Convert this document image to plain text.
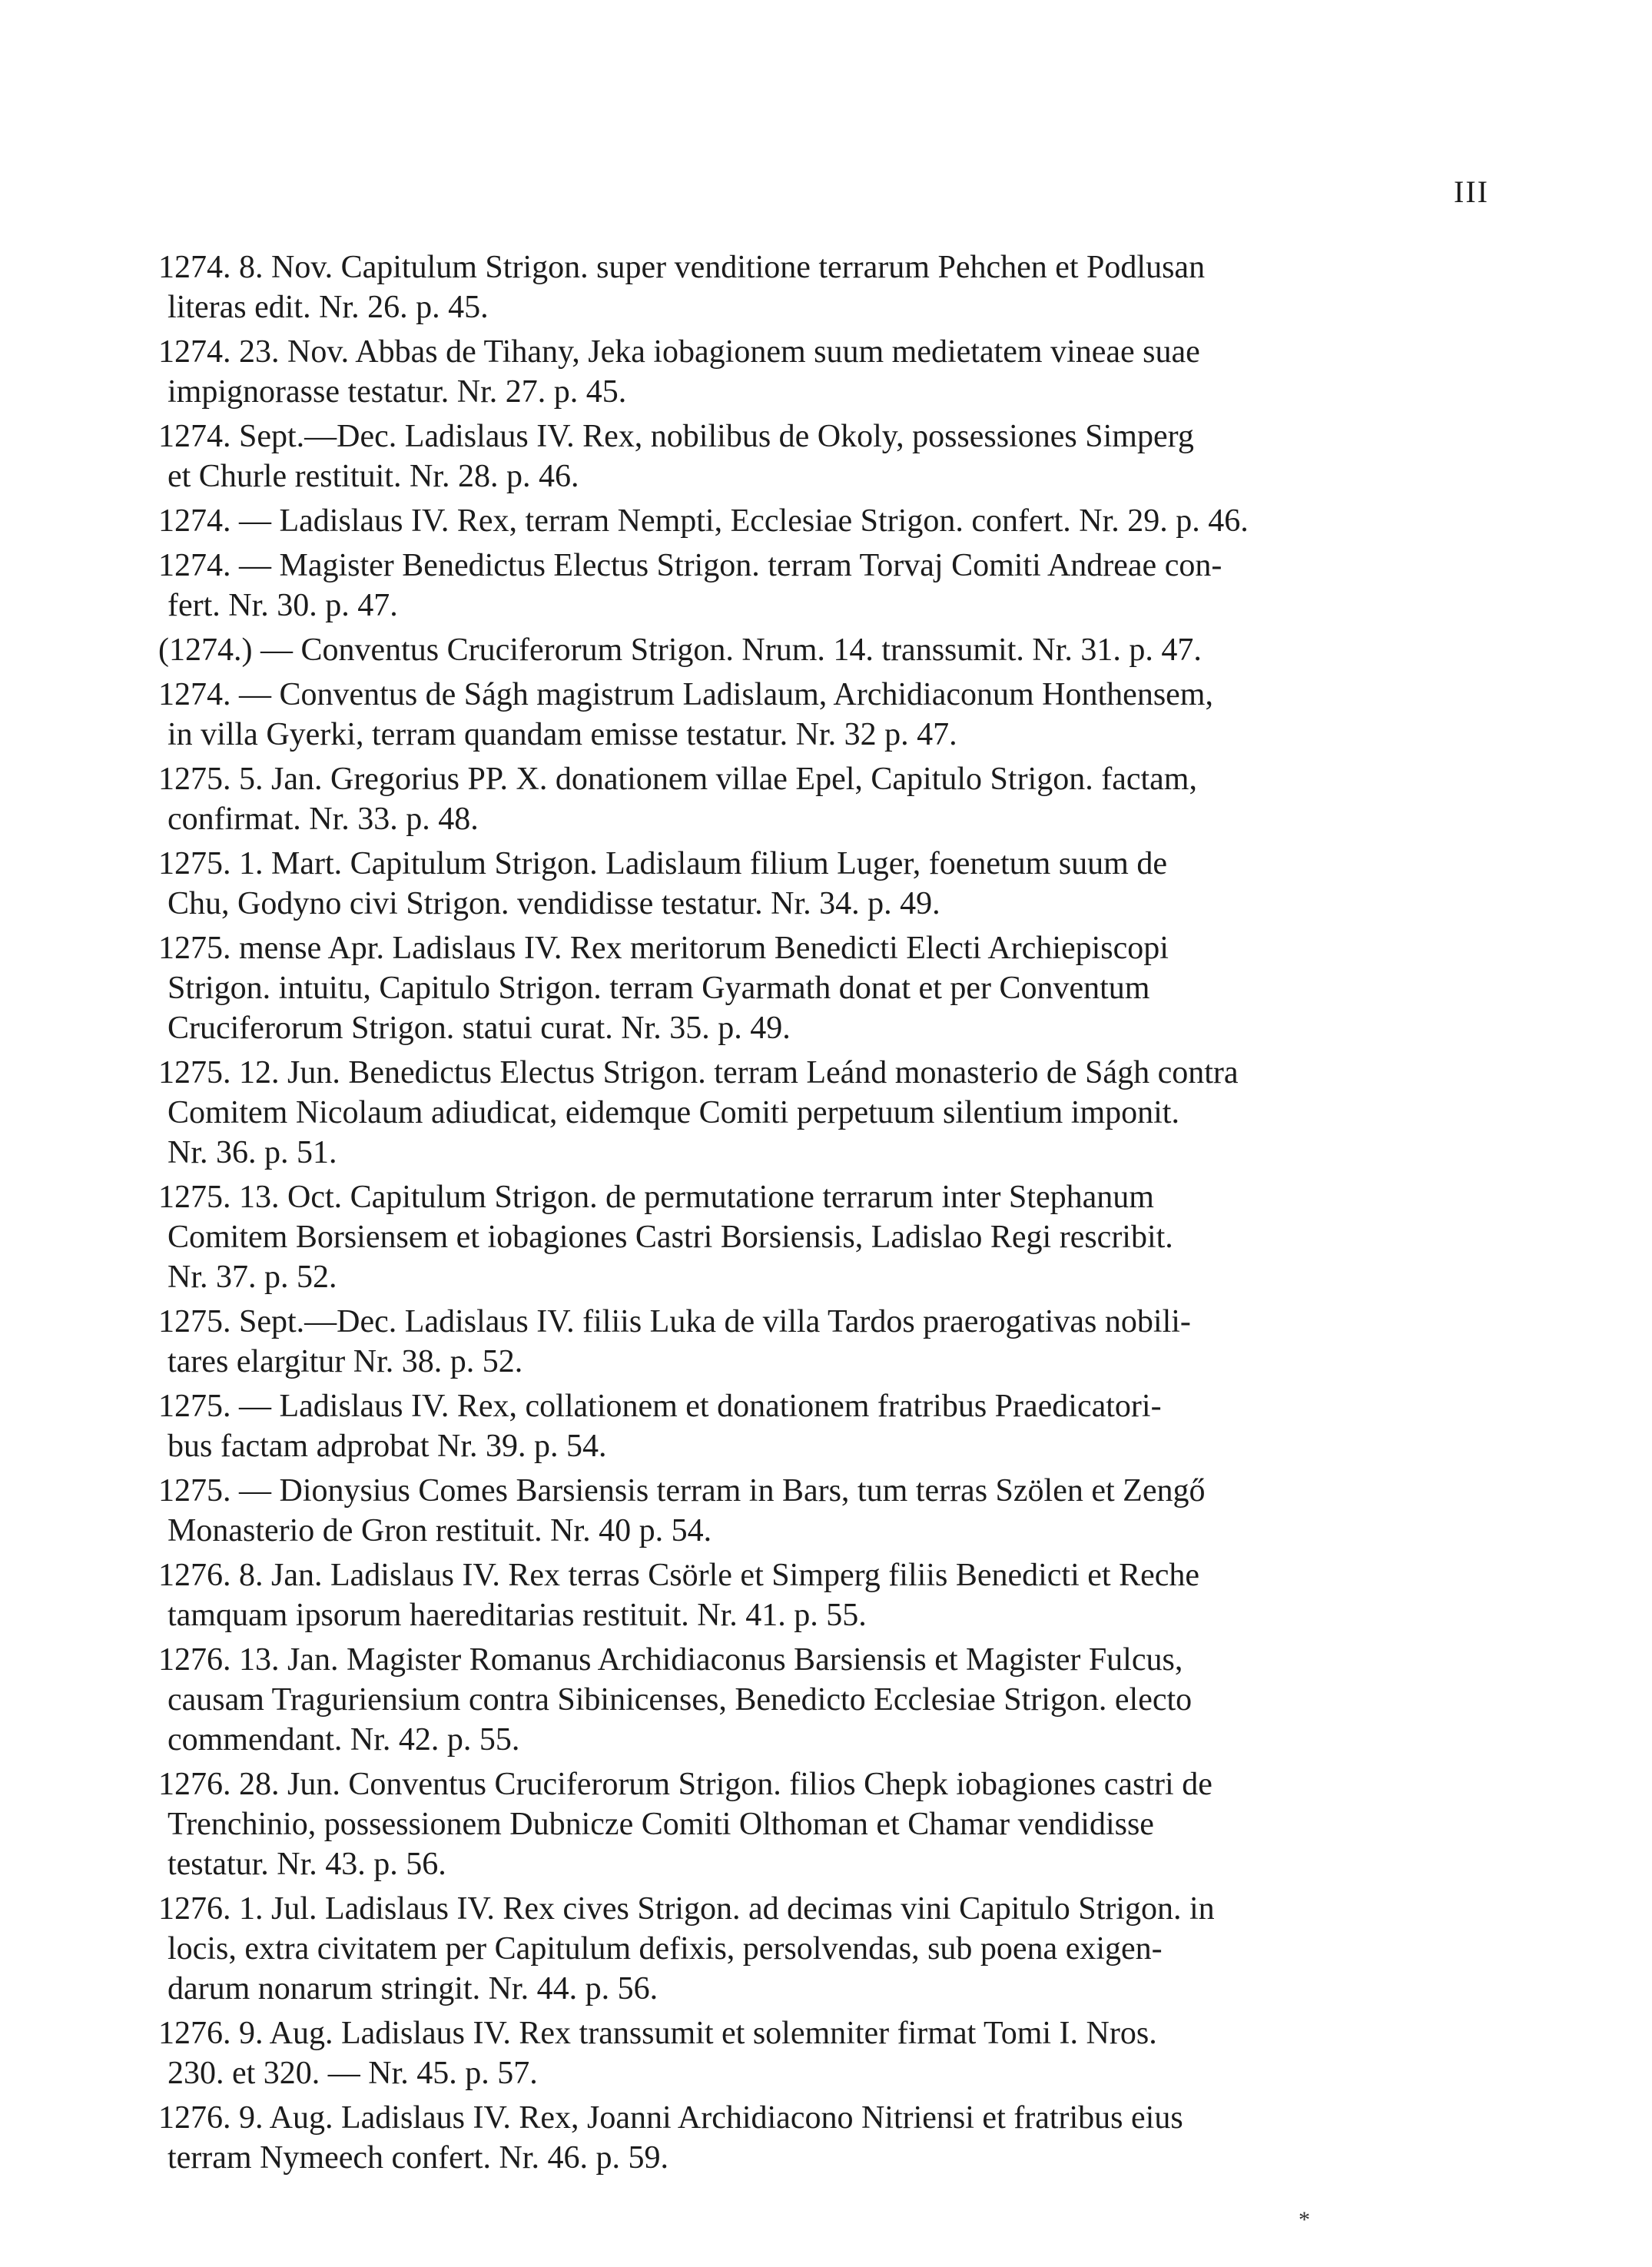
III
1274. 8. Nov. Capitulum Strigon. super venditione terrarum Pehchen et Podlusan
literas edit. Nr. 26. p. 45.
1274. 23. Nov. Abbas de Tihany, Jeka iobagionem suum medietatem vineae suae
impignorasse testatur. Nr. 27. p. 45.
1274. Sept.—Dec. Ladislaus IV. Rex, nobilibus de Okoly, possessiones Simperg
et Churle restituit. Nr. 28. p. 46.
1274. — Ladislaus IV. Rex, terram Nempti, Ecclesiae Strigon. confert. Nr. 29. p. 46.
1274. — Magister Benedictus Electus Strigon. terram Torvaj Comiti Andreae con-
fert. Nr. 30. p. 47.
(1274.) — Conventus Cruciferorum Strigon. Nrum. 14. transsumit. Nr. 31. p. 47.
1274. — Conventus de Ságh magistrum Ladislaum, Archidiaconum Honthensem,
in villa Gyerki, terram quandam emisse testatur. Nr. 32 p. 47.
1275. 5. Jan. Gregorius PP. X. donationem villae Epel, Capitulo Strigon. factam,
confirmat. Nr. 33. p. 48.
1275. 1. Mart. Capitulum Strigon. Ladislaum filium Luger, foenetum suum de
Chu, Godyno civi Strigon. vendidisse testatur. Nr. 34. p. 49.
1275. mense Apr. Ladislaus IV. Rex meritorum Benedicti Electi Archiepiscopi
Strigon. intuitu, Capitulo Strigon. terram Gyarmath donat et per Conventum
Cruciferorum Strigon. statui curat. Nr. 35. p. 49.
1275. 12. Jun. Benedictus Electus Strigon. terram Leánd monasterio de Ságh contra
Comitem Nicolaum adiudicat, eidemque Comiti perpetuum silentium imponit.
Nr. 36. p. 51.
1275. 13. Oct. Capitulum Strigon. de permutatione terrarum inter Stephanum
Comitem Borsiensem et iobagiones Castri Borsiensis, Ladislao Regi rescribit.
Nr. 37. p. 52.
1275. Sept.—Dec. Ladislaus IV. filiis Luka de villa Tardos praerogativas nobili-
tares elargitur Nr. 38. p. 52.
1275. — Ladislaus IV. Rex, collationem et donationem fratribus Praedicatori-
bus factam adprobat Nr. 39. p. 54.
1275. — Dionysius Comes Barsiensis terram in Bars, tum terras Szölen et Zengő
Monasterio de Gron restituit. Nr. 40 p. 54.
1276. 8. Jan. Ladislaus IV. Rex terras Csörle et Simperg filiis Benedicti et Reche
tamquam ipsorum haereditarias restituit. Nr. 41. p. 55.
1276. 13. Jan. Magister Romanus Archidiaconus Barsiensis et Magister Fulcus,
causam Traguriensium contra Sibinicenses, Benedicto Ecclesiae Strigon. electo
commendant. Nr. 42. p. 55.
1276. 28. Jun. Conventus Cruciferorum Strigon. filios Chepk iobagiones castri de
Trenchinio, possessionem Dubnicze Comiti Olthoman et Chamar vendidisse
testatur. Nr. 43. p. 56.
1276. 1. Jul. Ladislaus IV. Rex cives Strigon. ad decimas vini Capitulo Strigon. in
locis, extra civitatem per Capitulum defixis, persolvendas, sub poena exigen-
darum nonarum stringit. Nr. 44. p. 56.
1276. 9. Aug. Ladislaus IV. Rex transsumit et solemniter firmat Tomi I. Nros.
230. et 320. — Nr. 45. p. 57.
1276. 9. Aug. Ladislaus IV. Rex, Joanni Archidiacono Nitriensi et fratribus eius
terram Nymeech confert. Nr. 46. p. 59.
*
